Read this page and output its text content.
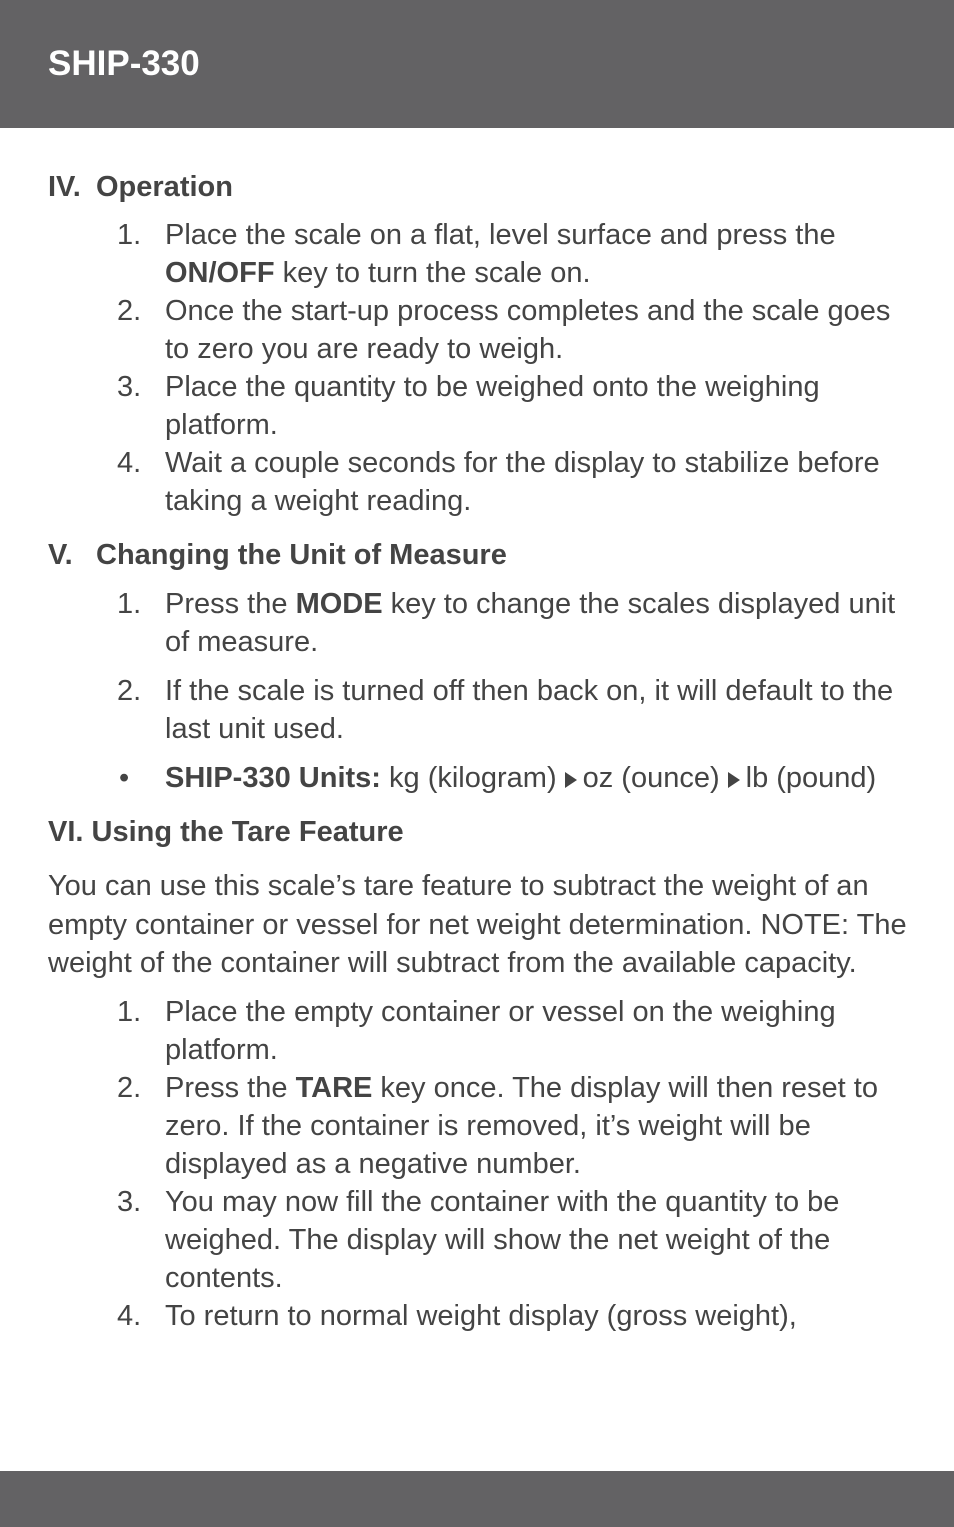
SHIP-330
IV. Operation
1. Place the scale on a flat, level surface and press the ON/OFF key to turn the scale on.
2. Once the start-up process completes and the scale goes to zero you are ready to weigh.
3. Place the quantity to be weighed onto the weighing platform.
4. Wait a couple seconds for the display to stabilize before taking a weight reading.
V. Changing the Unit of Measure
1. Press the MODE key to change the scales displayed unit of measure.
2. If the scale is turned off then back on, it will default to the last unit used.
•	SHIP-330 Units: kg (kilogram) oz (ounce) lb (pound)
VI.
Using the Tare Feature

You can use this scale’s tare feature to subtract the weight of an empty container or vessel for net weight determination. NOTE: The weight of the container will subtract from the available capacity.

1. Place the empty container or vessel on the weighing platform.
2. Press the TARE key once. The display will then reset to zero. If the container is removed, it’s weight will be displayed as a negative number.
3. You may now fill the container with the quantity to be weighed. The display will show the net weight of the contents.
4. To return to normal weight display (gross weight),
